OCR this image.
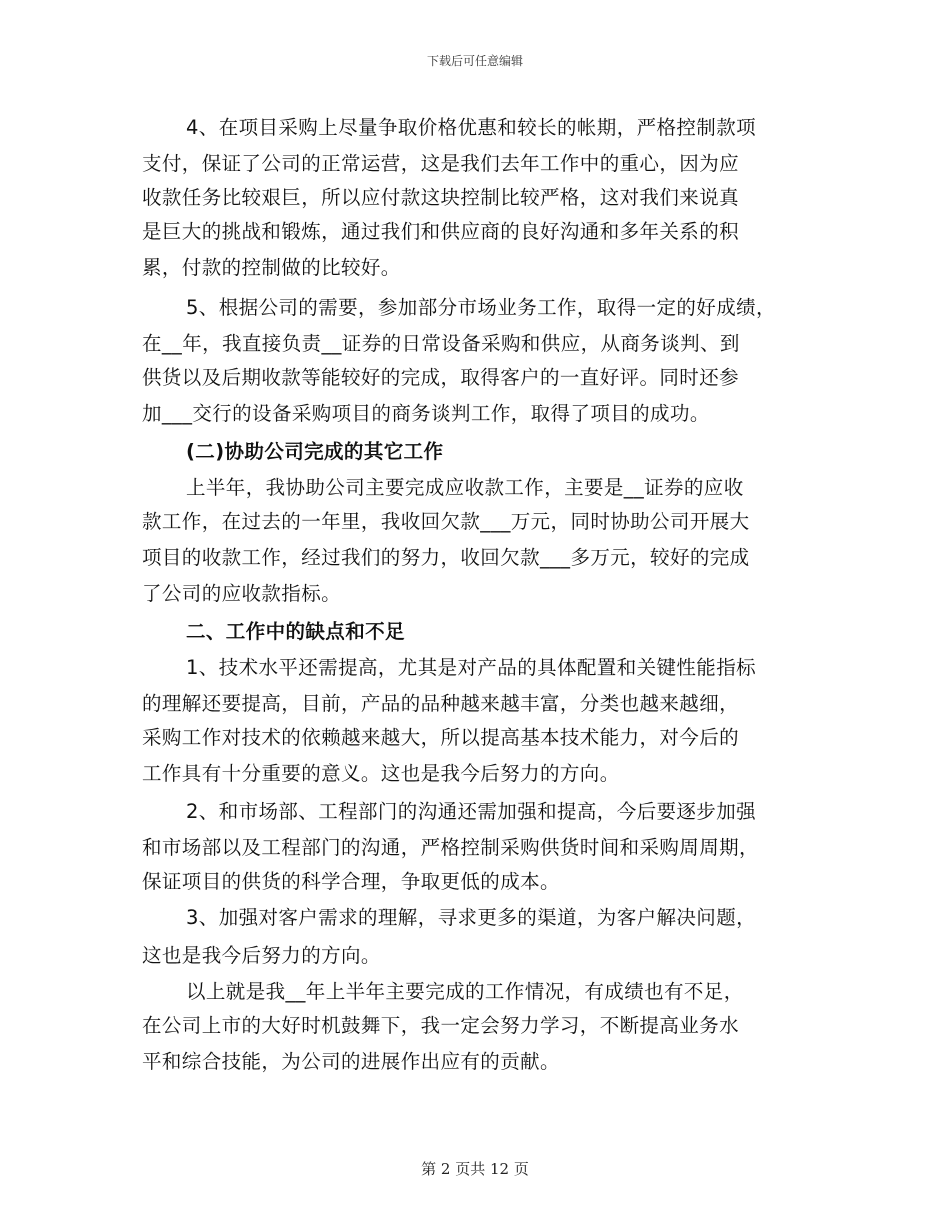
下载后可任意编辑
4、在项目采购上尽量争取价格优惠和较长的帐期，严格控制款项
支付，保证了公司的正常运营，这是我们去年工作中的重心，因为应
收款任务比较艰巨，所以应付款这块控制比较严格，这对我们来说真
是巨大的挑战和锻炼，通过我们和供应商的良好沟通和多年关系的积
累，付款的控制做的比较好。
5、根据公司的需要，参加部分市场业务工作，取得一定的好成绩，
在__年，我直接负责__证券的日常设备采购和供应，从商务谈判、到
供货以及后期收款等能较好的完成，取得客户的一直好评。同时还参
加___交行的设备采购项目的商务谈判工作，取得了项目的成功。
(二)协助公司完成的其它工作
上半年，我协助公司主要完成应收款工作，主要是__证券的应收
款工作，在过去的一年里，我收回欠款___万元，同时协助公司开展大
项目的收款工作，经过我们的努力，收回欠款___多万元，较好的完成
了公司的应收款指标。
二、工作中的缺点和不足
1、技术水平还需提高，尤其是对产品的具体配置和关键性能指标
的理解还要提高，目前，产品的品种越来越丰富，分类也越来越细，
采购工作对技术的依赖越来越大，所以提高基本技术能力，对今后的
工作具有十分重要的意义。这也是我今后努力的方向。
2、和市场部、工程部门的沟通还需加强和提高，今后要逐步加强
和市场部以及工程部门的沟通，严格控制采购供货时间和采购周周期，
保证项目的供货的科学合理，争取更低的成本。
3、加强对客户需求的理解，寻求更多的渠道，为客户解决问题，
这也是我今后努力的方向。
以上就是我__年上半年主要完成的工作情况，有成绩也有不足，
在公司上市的大好时机鼓舞下，我一定会努力学习，不断提高业务水
平和综合技能，为公司的进展作出应有的贡献。
第 2 页共 12 页
